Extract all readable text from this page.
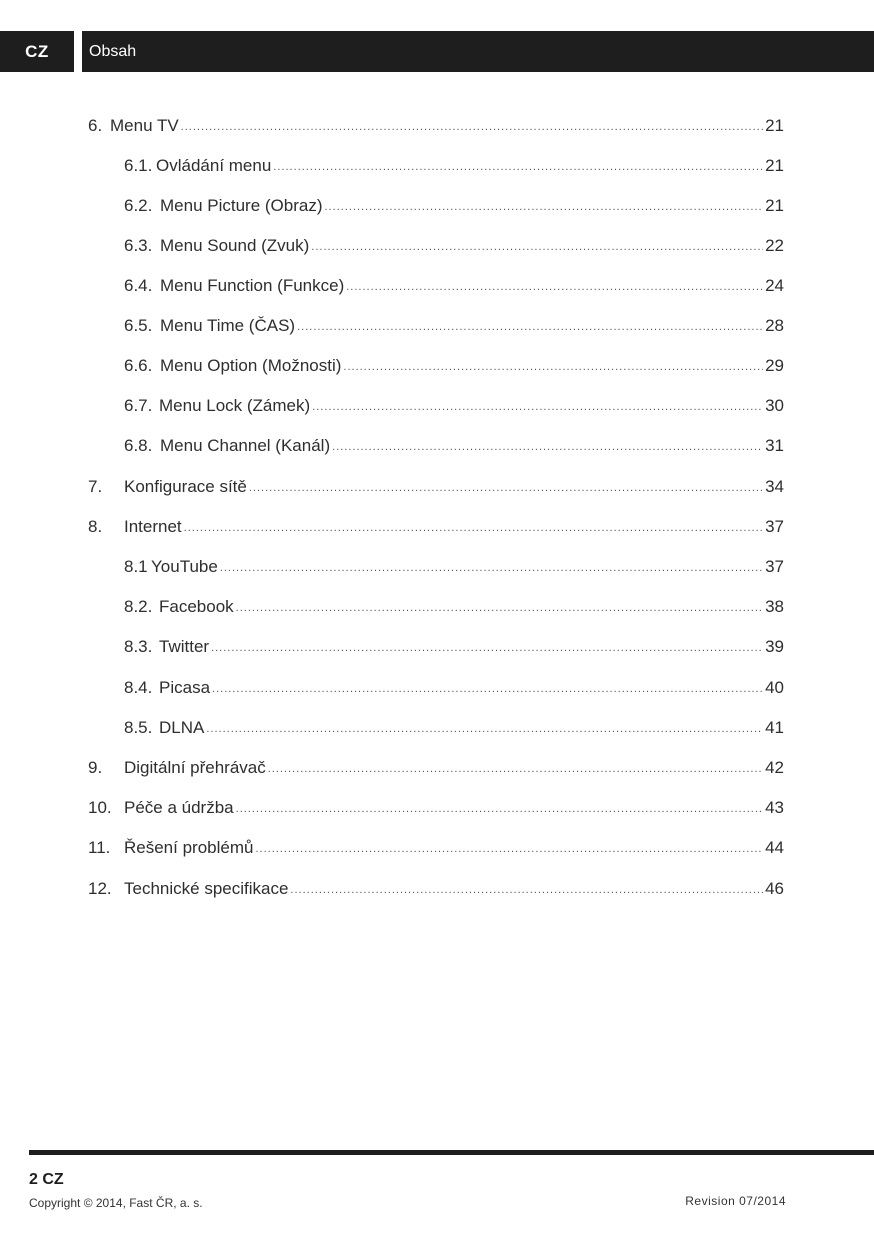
CZ	Obsah
6. Menu TV .....	21
6.1. Ovládání menu .....	21
6.2. Menu Picture (Obraz) .....	21
6.3. Menu Sound (Zvuk) .....	22
6.4. Menu Function (Funkce) .....	24
6.5. Menu Time (ČAS) .....	28
6.6. Menu Option (Možnosti) .....	29
6.7. Menu Lock (Zámek) .....	30
6.8. Menu Channel (Kanál) .....	31
7.	Konfigurace sítě .....	34
8.	Internet .....	37
8.1 YouTube .....	37
8.2. Facebook .....	38
8.3. Twitter .....	39
8.4. Picasa .....	40
8.5. DLNA .....	41
9.	Digitální přehrávač .....	42
10. Péče a údržba .....	43
11. Řešení problémů .....	44
12. Technické specifikace .....	46
2 CZ
Copyright © 2014, Fast ČR, a. s.	Revision 07/2014
